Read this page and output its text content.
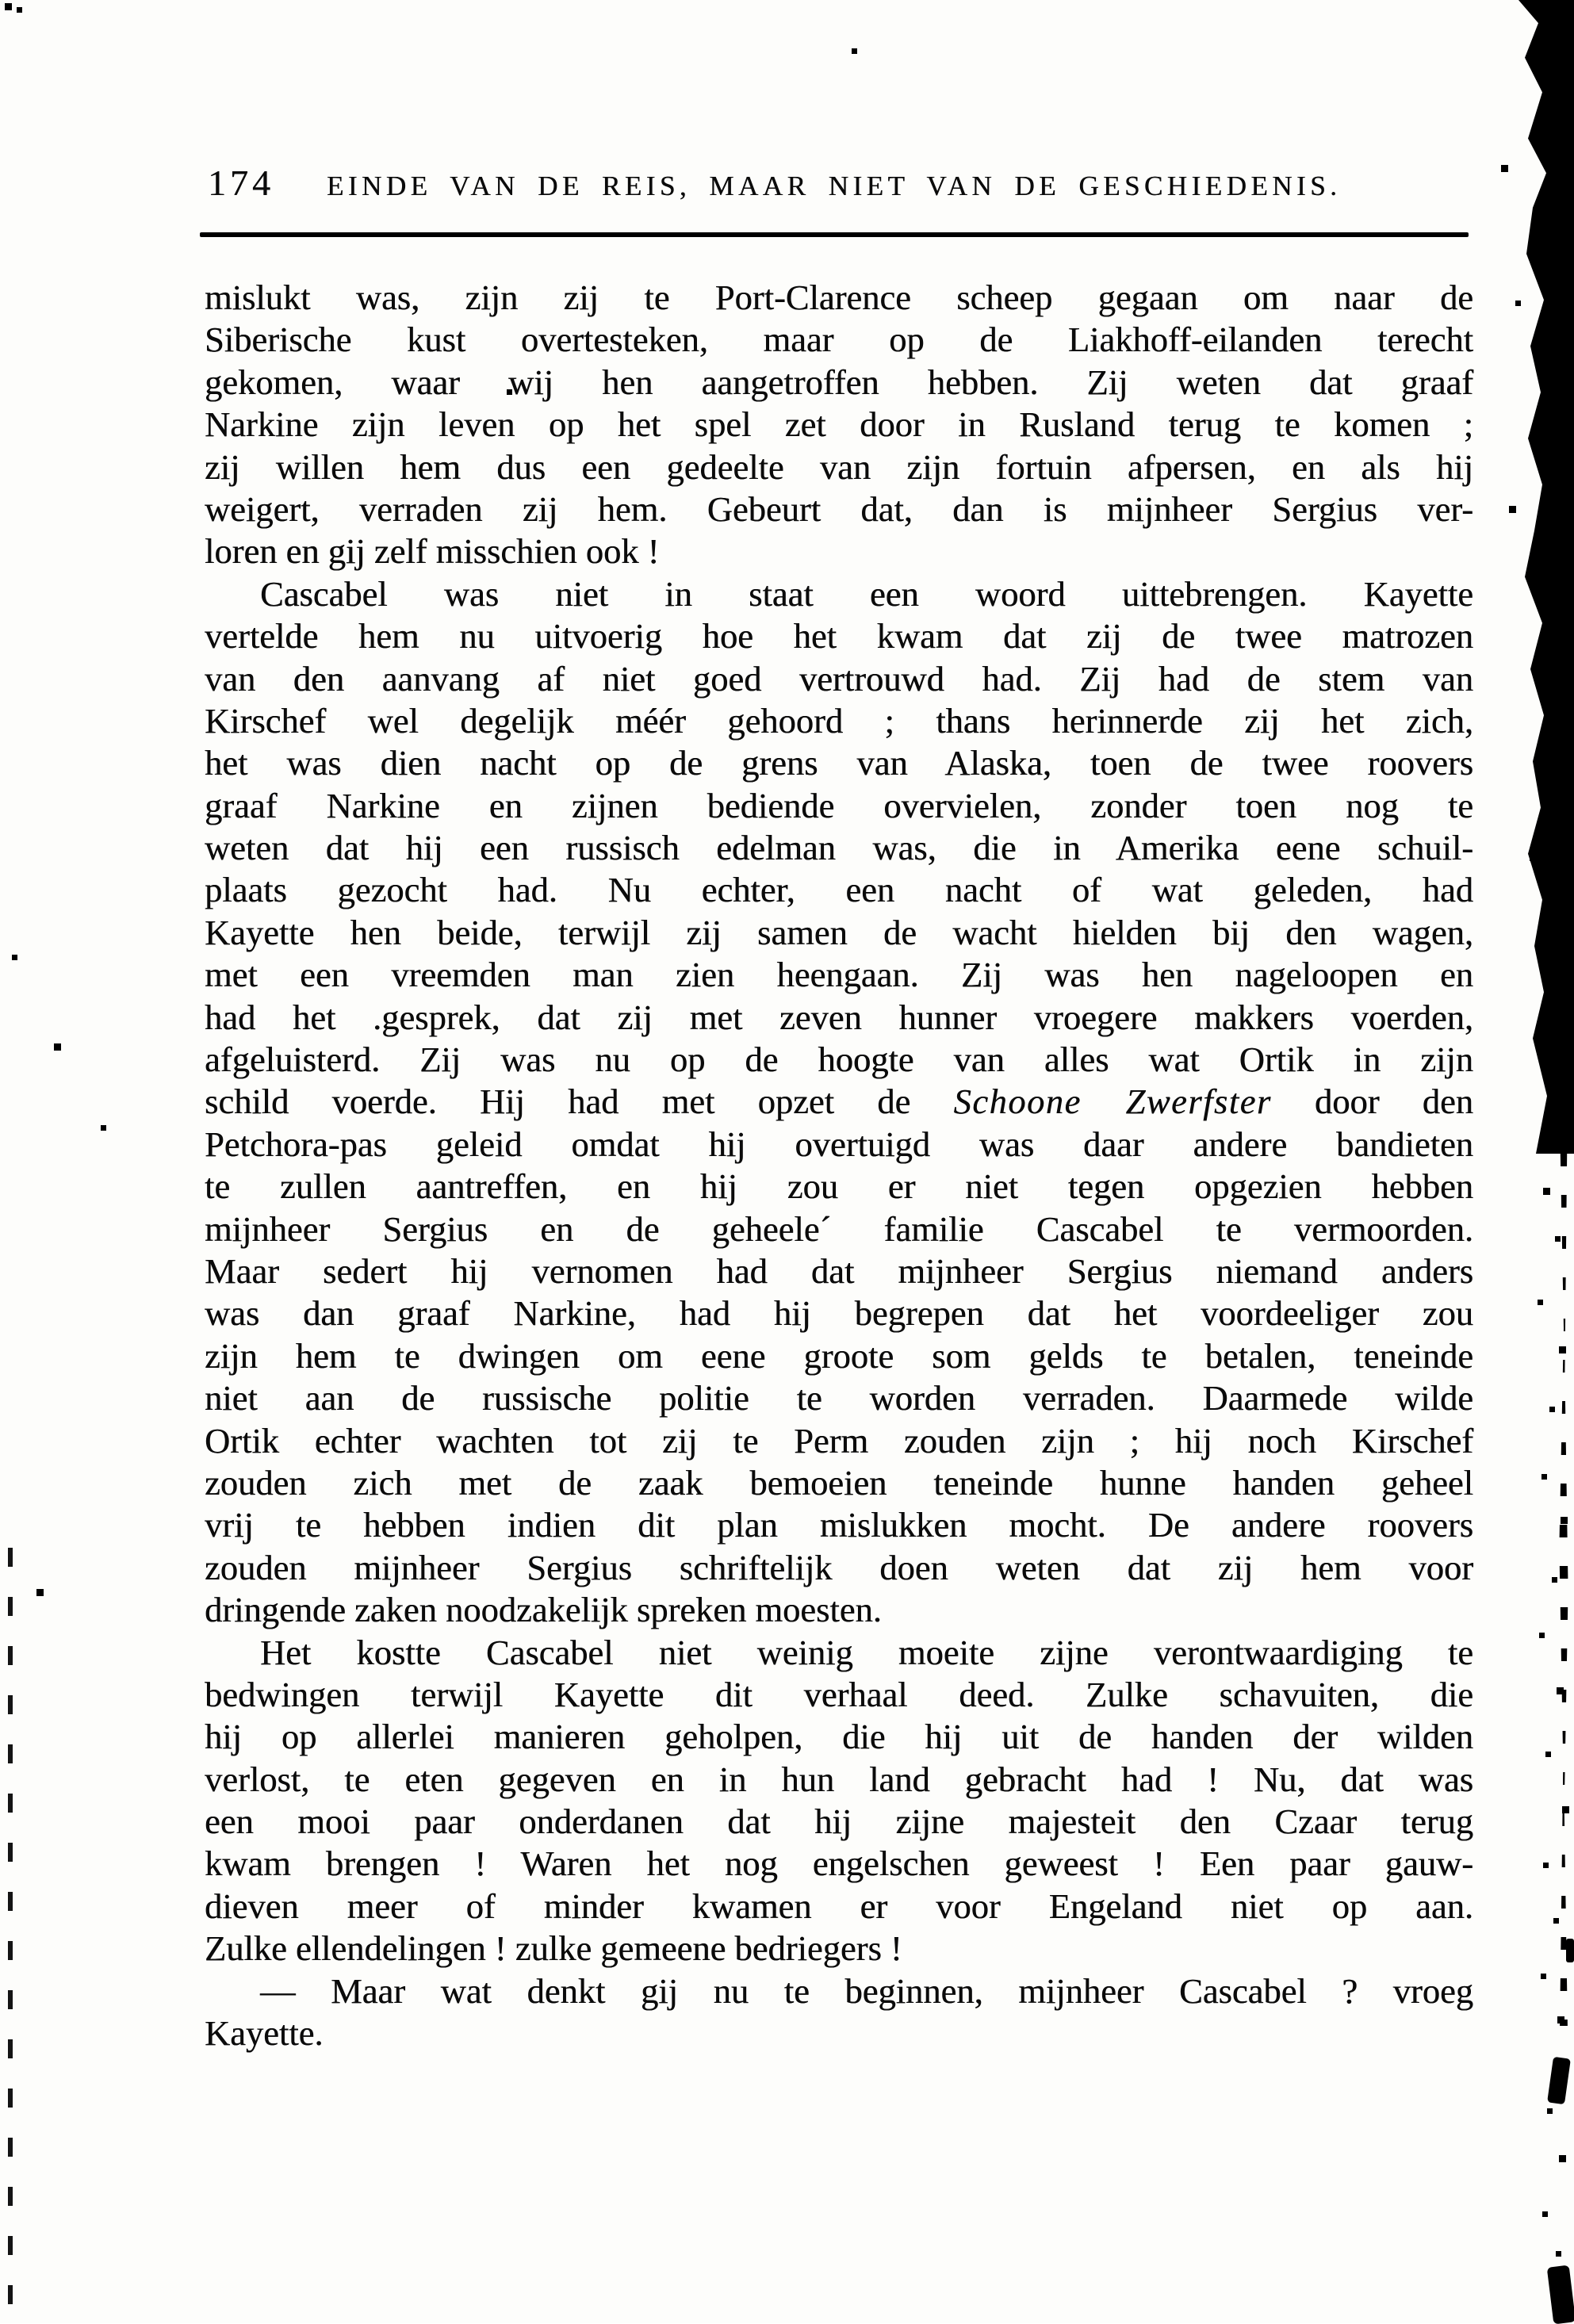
174 EINDE VAN DE REIS, MAAR NIET VAN DE GESCHIEDENIS.
mislukt was, zijn zij te Port-Clarence scheep gegaan om naar de
Siberische kust overtesteken, maar op de Liakhoff-eilanden terecht
gekomen, waar wij hen aangetroffen hebben. Zij weten dat graaf
Narkine zijn leven op het spel zet door in Rusland terug te komen ;
zij willen hem dus een gedeelte van zijn fortuin afpersen, en als hij
weigert, verraden zij hem. Gebeurt dat, dan is mijnheer Sergius ver-
loren en gij zelf misschien ook !
Cascabel was niet in staat een woord uittebrengen. Kayette
vertelde hem nu uitvoerig hoe het kwam dat zij de twee matrozen
van den aanvang af niet goed vertrouwd had. Zij had de stem van
Kirschef wel degelijk méér gehoord ; thans herinnerde zij het zich,
het was dien nacht op de grens van Alaska, toen de twee roovers
graaf Narkine en zijnen bediende overvielen, zonder toen nog te
weten dat hij een russisch edelman was, die in Amerika eene schuil-
plaats gezocht had. Nu echter, een nacht of wat geleden, had
Kayette hen beide, terwijl zij samen de wacht hielden bij den wagen,
met een vreemden man zien heengaan. Zij was hen nageloopen en
had het .gesprek, dat zij met zeven hunner vroegere makkers voerden,
afgeluisterd. Zij was nu op de hoogte van alles wat Ortik in zijn
schild voerde. Hij had met opzet de Schoone Zwerfster door den
Petchora-pas geleid omdat hij overtuigd was daar andere bandieten
te zullen aantreffen, en hij zou er niet tegen opgezien hebben
mijnheer Sergius en de geheele´ familie Cascabel te vermoorden.
Maar sedert hij vernomen had dat mijnheer Sergius niemand anders
was dan graaf Narkine, had hij begrepen dat het voordeeliger zou
zijn hem te dwingen om eene groote som gelds te betalen, teneinde
niet aan de russische politie te worden verraden. Daarmede wilde
Ortik echter wachten tot zij te Perm zouden zijn ; hij noch Kirschef
zouden zich met de zaak bemoeien teneinde hunne handen geheel
vrij te hebben indien dit plan mislukken mocht. De andere roovers
zouden mijnheer Sergius schriftelijk doen weten dat zij hem voor
dringende zaken noodzakelijk spreken moesten.
Het kostte Cascabel niet weinig moeite zijne verontwaardiging te
bedwingen terwijl Kayette dit verhaal deed. Zulke schavuiten, die
hij op allerlei manieren geholpen, die hij uit de handen der wilden
verlost, te eten gegeven en in hun land gebracht had ! Nu, dat was
een mooi paar onderdanen dat hij zijne majesteit den Czaar terug
kwam brengen ! Waren het nog engelschen geweest ! Een paar gauw-
dieven meer of minder kwamen er voor Engeland niet op aan.
Zulke ellendelingen ! zulke gemeene bedriegers !
— Maar wat denkt gij nu te beginnen, mijnheer Cascabel ? vroeg
Kayette.
